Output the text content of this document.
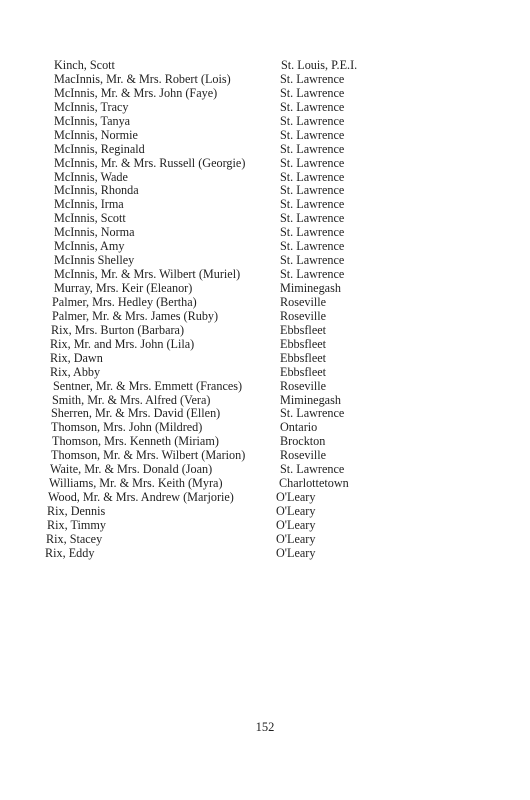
Kinch, Scott	St. Louis, P.E.I.
MacInnis, Mr. & Mrs. Robert (Lois)	St. Lawrence
McInnis, Mr. & Mrs. John (Faye)	St. Lawrence
McInnis, Tracy	St. Lawrence
McInnis, Tanya	St. Lawrence
McInnis, Normie	St. Lawrence
McInnis, Reginald	St. Lawrence
McInnis, Mr. & Mrs. Russell (Georgie)	St. Lawrence
McInnis, Wade	St. Lawrence
McInnis, Rhonda	St. Lawrence
McInnis, Irma	St. Lawrence
McInnis, Scott	St. Lawrence
McInnis, Norma	St. Lawrence
McInnis, Amy	St. Lawrence
McInnis Shelley	St. Lawrence
McInnis, Mr. & Mrs. Wilbert (Muriel)	St. Lawrence
Murray, Mrs. Keir (Eleanor)	Miminegash
Palmer, Mrs. Hedley (Bertha)	Roseville
Palmer, Mr. & Mrs. James (Ruby)	Roseville
Rix, Mrs. Burton (Barbara)	Ebbsfleet
Rix, Mr. and Mrs. John (Lila)	Ebbsfleet
Rix, Dawn	Ebbsfleet
Rix, Abby	Ebbsfleet
Sentner, Mr. & Mrs. Emmett (Frances)	Roseville
Smith, Mr. & Mrs. Alfred (Vera)	Miminegash
Sherren, Mr. & Mrs. David (Ellen)	St. Lawrence
Thomson, Mrs. John (Mildred)	Ontario
Thomson, Mrs. Kenneth (Miriam)	Brockton
Thomson, Mr. & Mrs. Wilbert (Marion)	Roseville
Waite, Mr. & Mrs. Donald (Joan)	St. Lawrence
Williams, Mr. & Mrs. Keith (Myra)	Charlottetown
Wood, Mr. & Mrs. Andrew (Marjorie)	O'Leary
Rix, Dennis	O'Leary
Rix, Timmy	O'Leary
Rix, Stacey	O'Leary
Rix, Eddy	O'Leary
152
